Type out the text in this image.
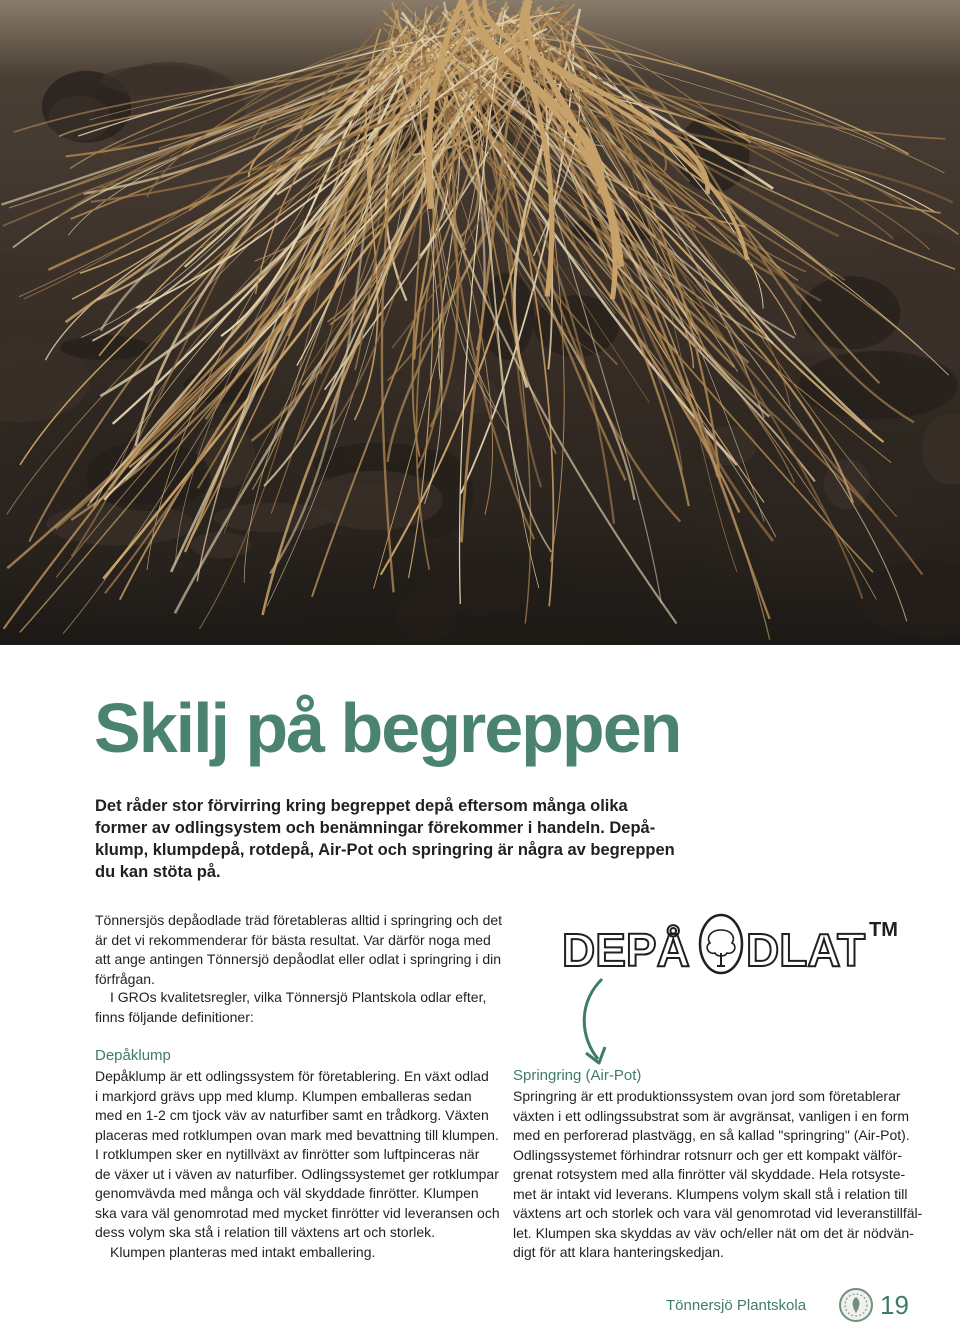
Skilj på begreppen
Det råder stor förvirring kring begreppet depå eftersom många olika
former av odlingsystem och benämningar förekommer i handeln. Depå-
klump, klumpdepå, rotdepå, Air-Pot och springring är några av begreppen
du kan stöta på.
Tönnersjös depåodlade träd företableras alltid i springring och det
är det vi rekommenderar för bästa resultat. Var därför noga med
att ange antingen Tönnersjö depåodlat eller odlat i springring i din
förfrågan.
I GROs kvalitetsregler, vilka Tönnersjö Plantskola odlar efter,
finns följande definitioner:
DEPÅ DLAT TM
Depåklump
Depåklump är ett odlingssystem för företablering. En växt odlad
i markjord grävs upp med klump. Klumpen emballeras sedan
med en 1-2 cm tjock väv av naturfiber samt en trådkorg. Växten
placeras med rotklumpen ovan mark med bevattning till klumpen.
I rotklumpen sker en nytillväxt av finrötter som luftpinceras när
de växer ut i väven av naturfiber. Odlingssystemet ger rotklumpar
genomvävda med många och väl skyddade finrötter. Klumpen
ska vara väl genomrotad med mycket finrötter vid leveransen och
dess volym ska stå i relation till växtens art och storlek.
Klumpen planteras med intakt emballering.
Springring (Air-Pot)
Springring är ett produktionssystem ovan jord som företablerar
växten i ett odlingssubstrat som är avgränsat, vanligen i en form
med en perforerad plastvägg, en så kallad "springring" (Air-Pot).
Odlingssystemet förhindrar rotsnurr och ger ett kompakt välför-
grenat rotsystem med alla finrötter väl skyddade. Hela rotsyste-
met är intakt vid leverans. Klumpens volym skall stå i relation till
växtens art och storlek och vara väl genomrotad vid leveranstillfäl-
let. Klumpen ska skyddas av väv och/eller nät om det är nödvän-
digt för att klara hanteringskedjan.
Tönnersjö Plantskola	19
